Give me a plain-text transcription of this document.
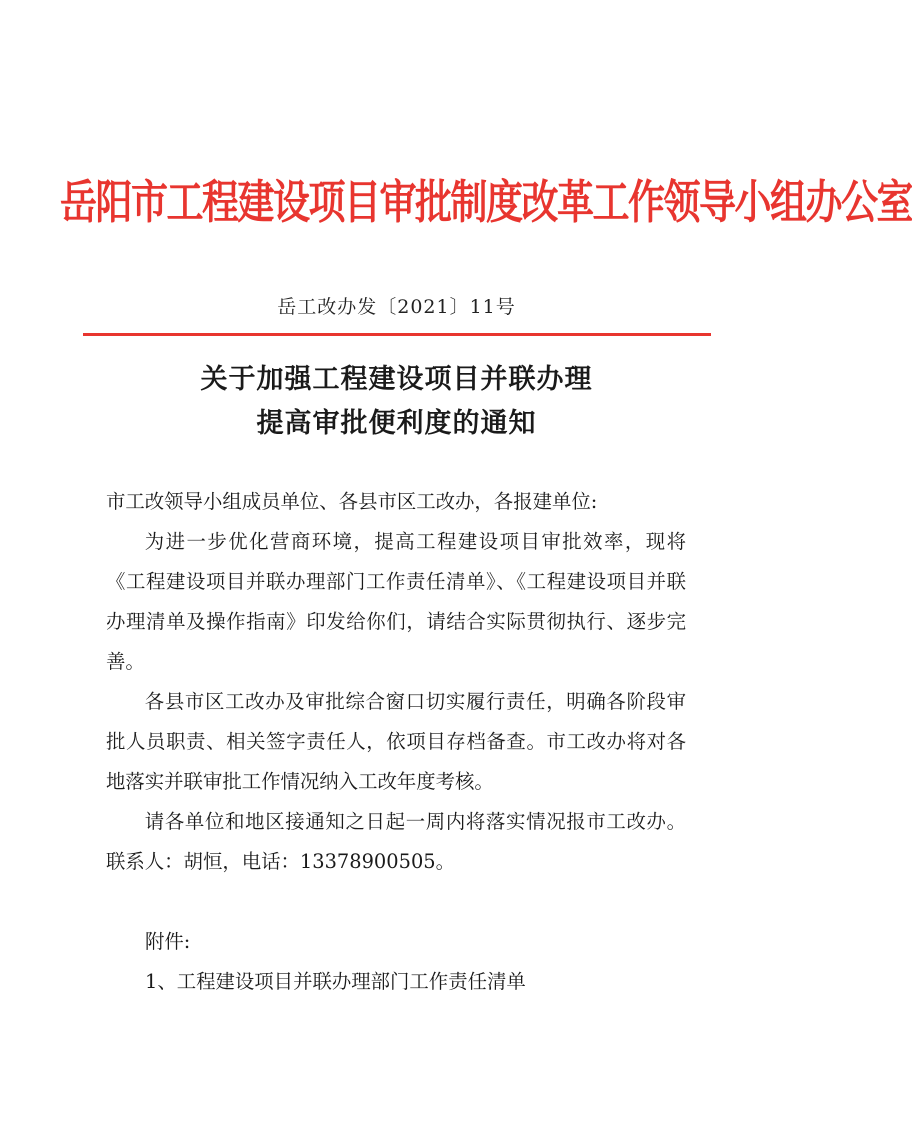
岳阳市工程建设项目审批制度改革工作领导小组办公室
岳工改办发〔2021〕11号
关于加强工程建设项目并联办理
提高审批便利度的通知

市工改领导小组成员单位、各县市区工改办，各报建单位:

为进一步优化营商环境，提高工程建设项目审批效率，现将《工程建设项目并联办理部门工作责任清单》、《工程建设项目并联办理清单及操作指南》印发给你们，请结合实际贯彻执行、逐步完善。

各县市区工改办及审批综合窗口切实履行责任，明确各阶段审批人员职责、相关签字责任人，依项目存档备查。市工改办将对各地落实并联审批工作情况纳入工改年度考核。

请各单位和地区接通知之日起一周内将落实情况报市工改办。联系人：胡恒，电话：13378900505。

附件:
1、工程建设项目并联办理部门工作责任清单
